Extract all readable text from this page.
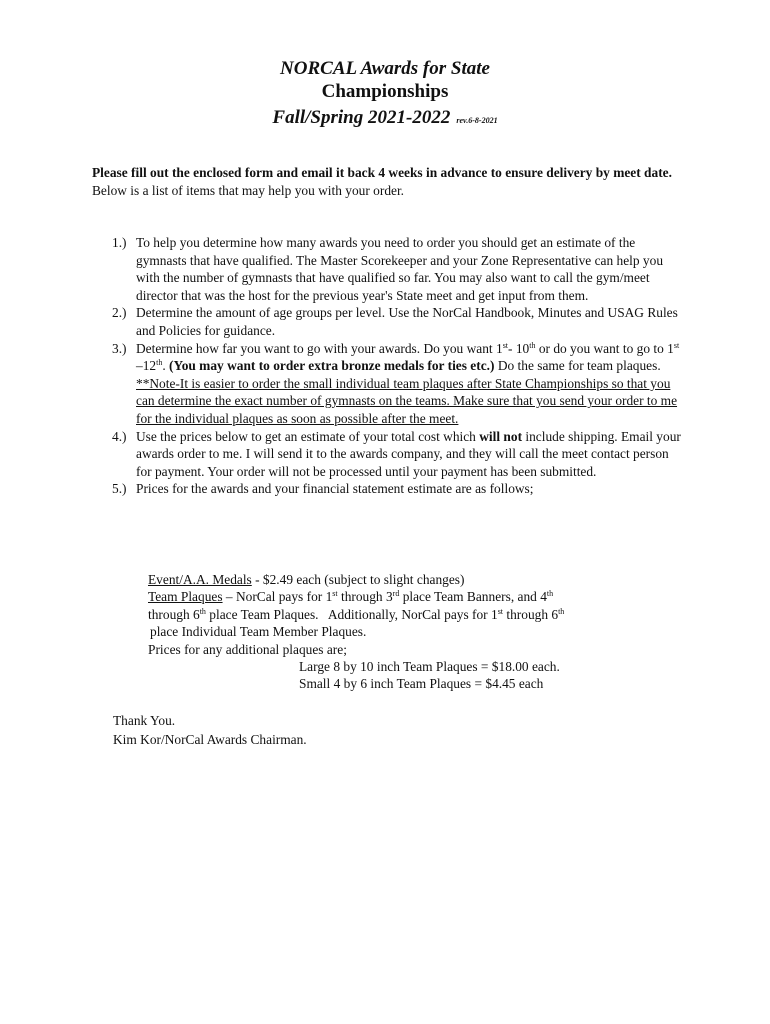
NORCAL Awards for State
Championships
Fall/Spring 2021-2022 rev.6-8-2021
Please fill out the enclosed form and email it back 4 weeks in advance to ensure delivery by meet date. Below is a list of items that may help you with your order.
1.) To help you determine how many awards you need to order you should get an estimate of the gymnasts that have qualified. The Master Scorekeeper and your Zone Representative can help you with the number of gymnasts that have qualified so far. You may also want to call the gym/meet director that was the host for the previous year's State meet and get input from them.
2.) Determine the amount of age groups per level. Use the NorCal Handbook, Minutes and USAG Rules and Policies for guidance.
3.) Determine how far you want to go with your awards. Do you want 1st- 10th or do you want to go to 1st –12th. (You may want to order extra bronze medals for ties etc.) Do the same for team plaques. **Note-It is easier to order the small individual team plaques after State Championships so that you can determine the exact number of gymnasts on the teams. Make sure that you send your order to me for the individual plaques as soon as possible after the meet.
4.) Use the prices below to get an estimate of your total cost which will not include shipping. Email your awards order to me. I will send it to the awards company, and they will call the meet contact person for payment. Your order will not be processed until your payment has been submitted.
5.) Prices for the awards and your financial statement estimate are as follows;
Event/A.A. Medals - $2.49 each (subject to slight changes)
Team Plaques – NorCal pays for 1st through 3rd place Team Banners, and 4th
through 6th place Team Plaques.   Additionally, NorCal pays for 1st through 6th
place Individual Team Member Plaques.
Prices for any additional plaques are;
Large 8 by 10 inch Team Plaques = $18.00 each.
Small 4 by 6 inch Team Plaques = $4.45 each
Thank You.
Kim Kor/NorCal Awards Chairman.
